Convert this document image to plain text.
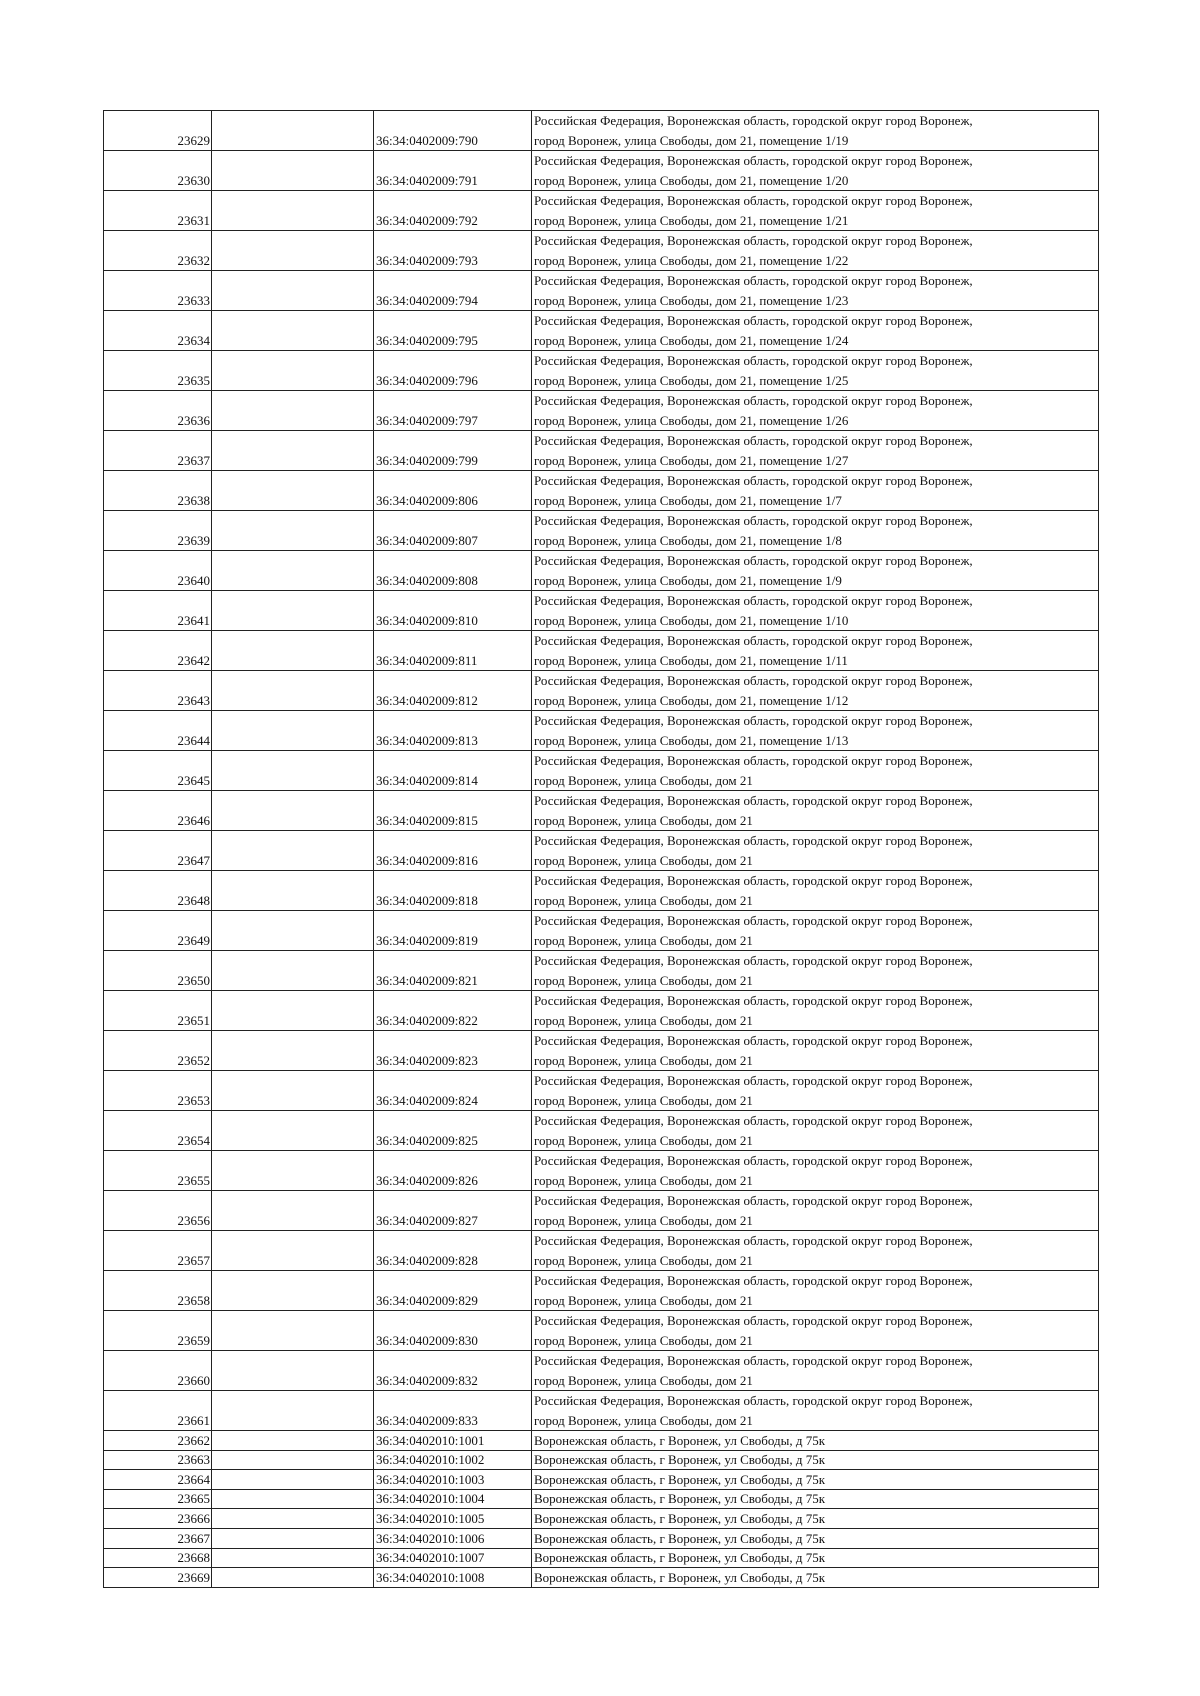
23629		36:34:0402009:790	Российская Федерация, Воронежская область, городской округ город Воронеж,
город Воронеж, улица Свободы, дом 21, помещение 1/19
23630		36:34:0402009:791	Российская Федерация, Воронежская область, городской округ город Воронеж,
город Воронеж, улица Свободы, дом 21, помещение 1/20
23631		36:34:0402009:792	Российская Федерация, Воронежская область, городской округ город Воронеж,
город Воронеж, улица Свободы, дом 21, помещение 1/21
23632		36:34:0402009:793	Российская Федерация, Воронежская область, городской округ город Воронеж,
город Воронеж, улица Свободы, дом 21, помещение 1/22
23633		36:34:0402009:794	Российская Федерация, Воронежская область, городской округ город Воронеж,
город Воронеж, улица Свободы, дом 21, помещение 1/23
23634		36:34:0402009:795	Российская Федерация, Воронежская область, городской округ город Воронеж,
город Воронеж, улица Свободы, дом 21, помещение 1/24
23635		36:34:0402009:796	Российская Федерация, Воронежская область, городской округ город Воронеж,
город Воронеж, улица Свободы, дом 21, помещение 1/25
23636		36:34:0402009:797	Российская Федерация, Воронежская область, городской округ город Воронеж,
город Воронеж, улица Свободы, дом 21, помещение 1/26
23637		36:34:0402009:799	Российская Федерация, Воронежская область, городской округ город Воронеж,
город Воронеж, улица Свободы, дом 21, помещение 1/27
23638		36:34:0402009:806	Российская Федерация, Воронежская область, городской округ город Воронеж,
город Воронеж, улица Свободы, дом 21, помещение 1/7
23639		36:34:0402009:807	Российская Федерация, Воронежская область, городской округ город Воронеж,
город Воронеж, улица Свободы, дом 21, помещение 1/8
23640		36:34:0402009:808	Российская Федерация, Воронежская область, городской округ город Воронеж,
город Воронеж, улица Свободы, дом 21, помещение 1/9
23641		36:34:0402009:810	Российская Федерация, Воронежская область, городской округ город Воронеж,
город Воронеж, улица Свободы, дом 21, помещение 1/10
23642		36:34:0402009:811	Российская Федерация, Воронежская область, городской округ город Воронеж,
город Воронеж, улица Свободы, дом 21, помещение 1/11
23643		36:34:0402009:812	Российская Федерация, Воронежская область, городской округ город Воронеж,
город Воронеж, улица Свободы, дом 21, помещение 1/12
23644		36:34:0402009:813	Российская Федерация, Воронежская область, городской округ город Воронеж,
город Воронеж, улица Свободы, дом 21, помещение 1/13
23645		36:34:0402009:814	Российская Федерация, Воронежская область, городской округ город Воронеж,
город Воронеж, улица Свободы, дом 21
23646		36:34:0402009:815	Российская Федерация, Воронежская область, городской округ город Воронеж,
город Воронеж, улица Свободы, дом 21
23647		36:34:0402009:816	Российская Федерация, Воронежская область, городской округ город Воронеж,
город Воронеж, улица Свободы, дом 21
23648		36:34:0402009:818	Российская Федерация, Воронежская область, городской округ город Воронеж,
город Воронеж, улица Свободы, дом 21
23649		36:34:0402009:819	Российская Федерация, Воронежская область, городской округ город Воронеж,
город Воронеж, улица Свободы, дом 21
23650		36:34:0402009:821	Российская Федерация, Воронежская область, городской округ город Воронеж,
город Воронеж, улица Свободы, дом 21
23651		36:34:0402009:822	Российская Федерация, Воронежская область, городской округ город Воронеж,
город Воронеж, улица Свободы, дом 21
23652		36:34:0402009:823	Российская Федерация, Воронежская область, городской округ город Воронеж,
город Воронеж, улица Свободы, дом 21
23653		36:34:0402009:824	Российская Федерация, Воронежская область, городской округ город Воронеж,
город Воронеж, улица Свободы, дом 21
23654		36:34:0402009:825	Российская Федерация, Воронежская область, городской округ город Воронеж,
город Воронеж, улица Свободы, дом 21
23655		36:34:0402009:826	Российская Федерация, Воронежская область, городской округ город Воронеж,
город Воронеж, улица Свободы, дом 21
23656		36:34:0402009:827	Российская Федерация, Воронежская область, городской округ город Воронеж,
город Воронеж, улица Свободы, дом 21
23657		36:34:0402009:828	Российская Федерация, Воронежская область, городской округ город Воронеж,
город Воронеж, улица Свободы, дом 21
23658		36:34:0402009:829	Российская Федерация, Воронежская область, городской округ город Воронеж,
город Воронеж, улица Свободы, дом 21
23659		36:34:0402009:830	Российская Федерация, Воронежская область, городской округ город Воронеж,
город Воронеж, улица Свободы, дом 21
23660		36:34:0402009:832	Российская Федерация, Воронежская область, городской округ город Воронеж,
город Воронеж, улица Свободы, дом 21
23661		36:34:0402009:833	Российская Федерация, Воронежская область, городской округ город Воронеж,
город Воронеж, улица Свободы, дом 21
23662		36:34:0402010:1001	Воронежская область, г Воронеж, ул Свободы, д 75к
23663		36:34:0402010:1002	Воронежская область, г Воронеж, ул Свободы, д 75к
23664		36:34:0402010:1003	Воронежская область, г Воронеж, ул Свободы, д 75к
23665		36:34:0402010:1004	Воронежская область, г Воронеж, ул Свободы, д 75к
23666		36:34:0402010:1005	Воронежская область, г Воронеж, ул Свободы, д 75к
23667		36:34:0402010:1006	Воронежская область, г Воронеж, ул Свободы, д 75к
23668		36:34:0402010:1007	Воронежская область, г Воронеж, ул Свободы, д 75к
23669		36:34:0402010:1008	Воронежская область, г Воронеж, ул Свободы, д 75к
